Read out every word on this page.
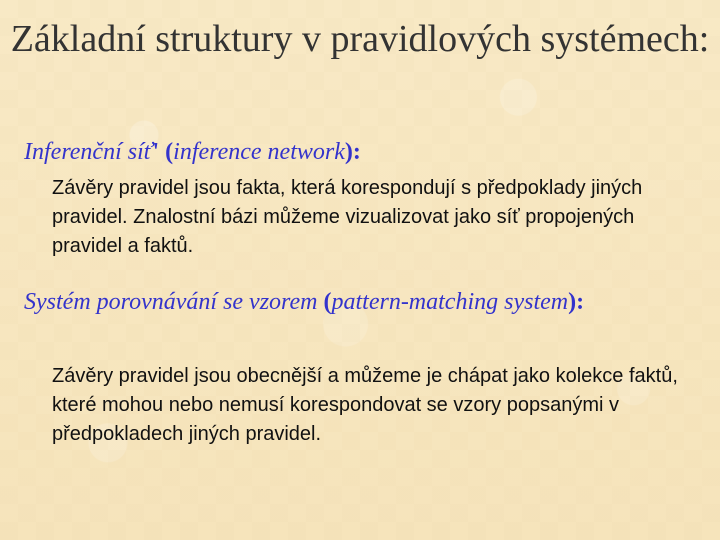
Základní struktury v pravidlových systémech:
Inferenční síť' (inference network):
Závěry pravidel jsou fakta, která korespondují s předpoklady jiných pravidel. Znalostní bázi můžeme vizualizovat jako síť propojených pravidel a faktů.
Systém porovnávání se vzorem (pattern-matching system):
Závěry pravidel jsou obecnější a můžeme je chápat jako kolekce faktů, které mohou nebo nemusí korespondovat se vzory popsanými v předpokladech jiných pravidel.
